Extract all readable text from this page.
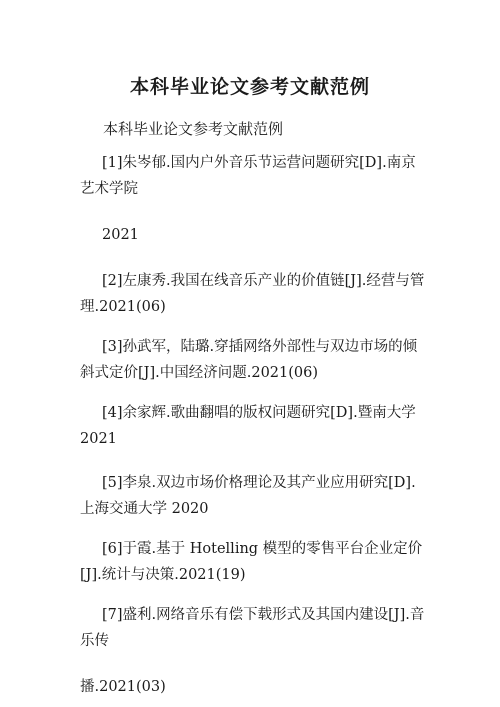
本科毕业论文参考文献范例

本科毕业论文参考文献范例

[1]朱岑郁.国内户外音乐节运营问题研究[D].南京艺术学院
2021
[2]左康秀.我国在线音乐产业的价值链[J].经营与管理.2021(06)
[3]孙武军，陆璐.穿插网络外部性与双边市场的倾斜式定价[J].中国经济问题.2021(06)
[4]余家辉.歌曲翻唱的版权问题研究[D].暨南大学 2021
[5]李泉.双边市场价格理论及其产业应用研究[D].上海交通大学 2020
[6]于霞.基于 Hotelling 模型的零售平台企业定价[J].统计与决策.2021(19)
[7]盛利.网络音乐有偿下载形式及其国内建设[J].音乐传
播.2021(03)
